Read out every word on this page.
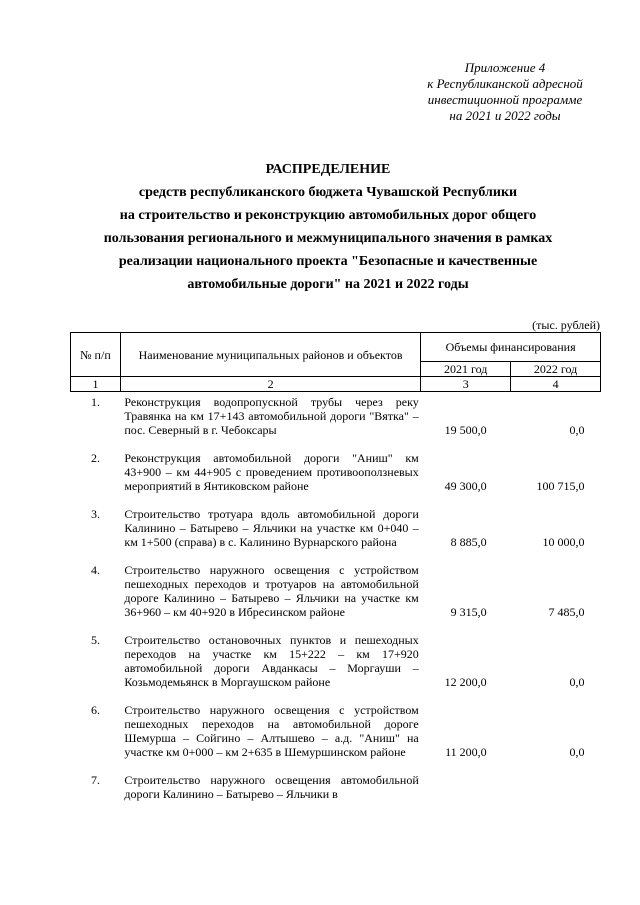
Приложение 4
к Республиканской адресной
инвестиционной программе
на 2021 и 2022 годы
РАСПРЕДЕЛЕНИЕ
средств республиканского бюджета Чувашской Республики
на строительство и реконструкцию автомобильных дорог общего
пользования регионального и межмуниципального значения в рамках
реализации национального проекта "Безопасные и качественные
автомобильные дороги" на 2021 и 2022 годы
(тыс. рублей)
№ п/п	Наименование муниципальных районов и объектов	Объемы финансирования	
		2021 год	2022 год
1	2	3	4
1.	Реконструкция водопропускной трубы через реку Травянка на км 17+143 автомобильной дороги "Вятка" – пос. Северный в г. Чебоксары	19 500,0	0,0
2.	Реконструкция автомобильной дороги "Аниш" км 43+900 – км 44+905 с проведением противооползневых мероприятий в Янтиковском районе	49 300,0	100 715,0
3.	Строительство тротуара вдоль автомобильной дороги Калинино – Батырево – Яльчики на участке км 0+040 – км 1+500 (справа) в с. Калинино Вурнарского района	8 885,0	10 000,0
4.	Строительство наружного освещения с устройством пешеходных переходов и тротуаров на автомобильной дороге Калинино – Батырево – Яльчики на участке км 36+960 – км 40+920 в Ибресинском районе	9 315,0	7 485,0
5.	Строительство остановочных пунктов и пешеходных переходов на участке км 15+222 – км 17+920 автомобильной дороги Авданкасы – Моргауши – Козьмодемьянск в Моргаушском районе	12 200,0	0,0
6.	Строительство наружного освещения с устройством пешеходных переходов на автомобильной дороге Шемурша – Сойгино – Алтышево – а.д. "Аниш" на участке км 0+000 – км 2+635 в Шемуршинском районе	11 200,0	0,0
7.	Строительство наружного освещения автомобильной дороги Калинино – Батырево – Яльчики в		
